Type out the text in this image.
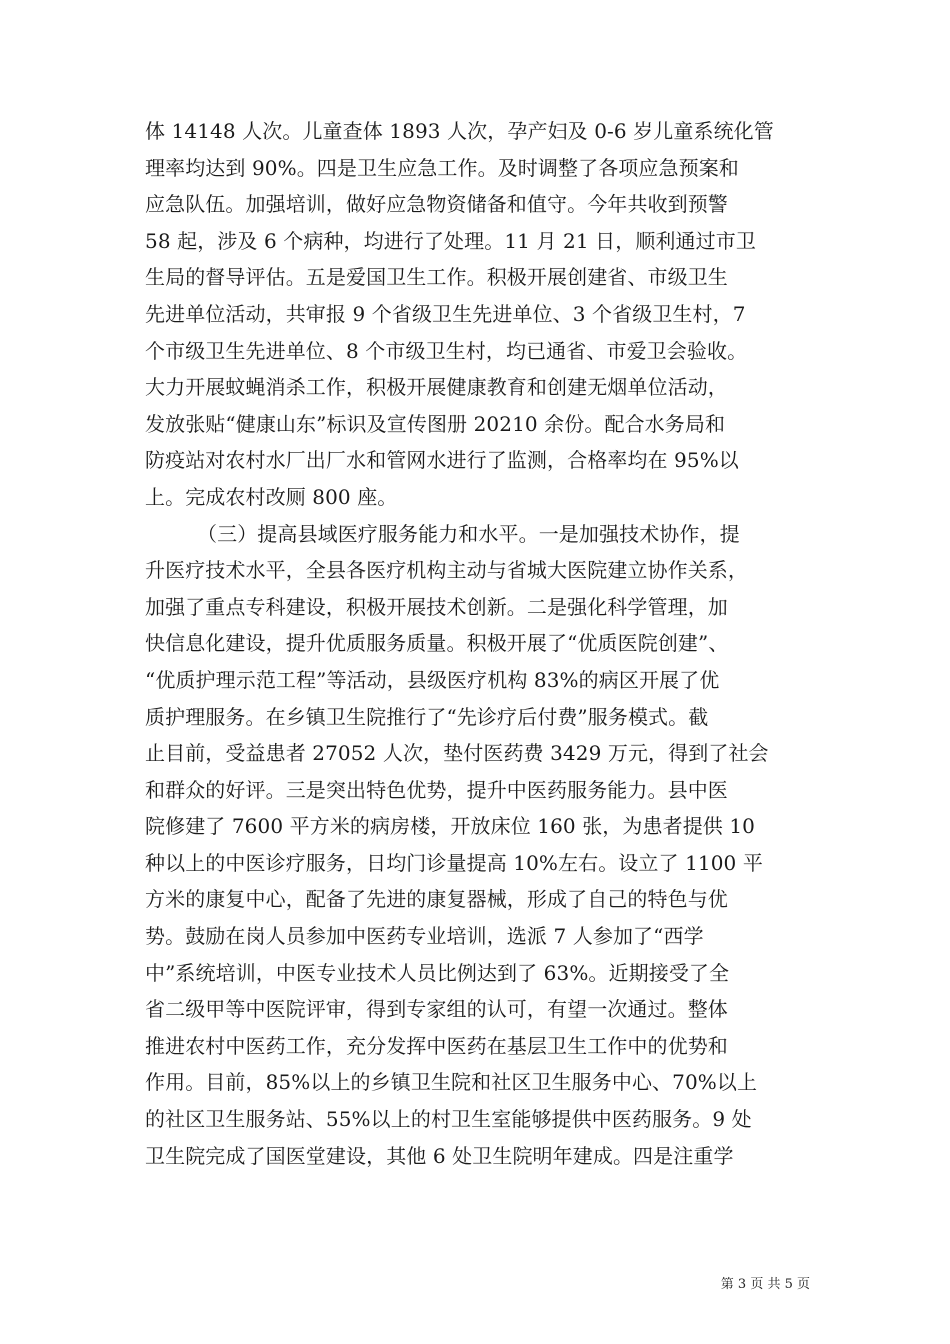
体 14148 人次。儿童查体 1893 人次，孕产妇及 0-6 岁儿童系统化管
理率均达到 90%。四是卫生应急工作。及时调整了各项应急预案和
应急队伍。加强培训，做好应急物资储备和值守。今年共收到预警
58 起，涉及 6 个病种，均进行了处理。11 月 21 日，顺利通过市卫
生局的督导评估。五是爱国卫生工作。积极开展创建省、市级卫生
先进单位活动，共审报 9 个省级卫生先进单位、3 个省级卫生村，7
个市级卫生先进单位、8 个市级卫生村，均已通省、市爱卫会验收。
大力开展蚊蝇消杀工作，积极开展健康教育和创建无烟单位活动，
发放张贴“健康山东”标识及宣传图册 20210 余份。配合水务局和
防疫站对农村水厂出厂水和管网水进行了监测，合格率均在 95%以
上。完成农村改厕 800 座。
（三）提高县域医疗服务能力和水平。一是加强技术协作，提
升医疗技术水平，全县各医疗机构主动与省城大医院建立协作关系，
加强了重点专科建设，积极开展技术创新。二是强化科学管理，加
快信息化建设，提升优质服务质量。积极开展了“优质医院创建”、
“优质护理示范工程”等活动，县级医疗机构 83%的病区开展了优
质护理服务。在乡镇卫生院推行了“先诊疗后付费”服务模式。截
止目前，受益患者 27052 人次，垫付医药费 3429 万元，得到了社会
和群众的好评。三是突出特色优势，提升中医药服务能力。县中医
院修建了 7600 平方米的病房楼，开放床位 160 张，为患者提供 10
种以上的中医诊疗服务，日均门诊量提高 10%左右。设立了 1100 平
方米的康复中心，配备了先进的康复器械，形成了自己的特色与优
势。鼓励在岗人员参加中医药专业培训，选派 7 人参加了“西学
中”系统培训，中医专业技术人员比例达到了 63%。近期接受了全
省二级甲等中医院评审，得到专家组的认可，有望一次通过。整体
推进农村中医药工作，充分发挥中医药在基层卫生工作中的优势和
作用。目前，85%以上的乡镇卫生院和社区卫生服务中心、70%以上
的社区卫生服务站、55%以上的村卫生室能够提供中医药服务。9 处
卫生院完成了国医堂建设，其他 6 处卫生院明年建成。四是注重学
第 3 页 共 5 页
